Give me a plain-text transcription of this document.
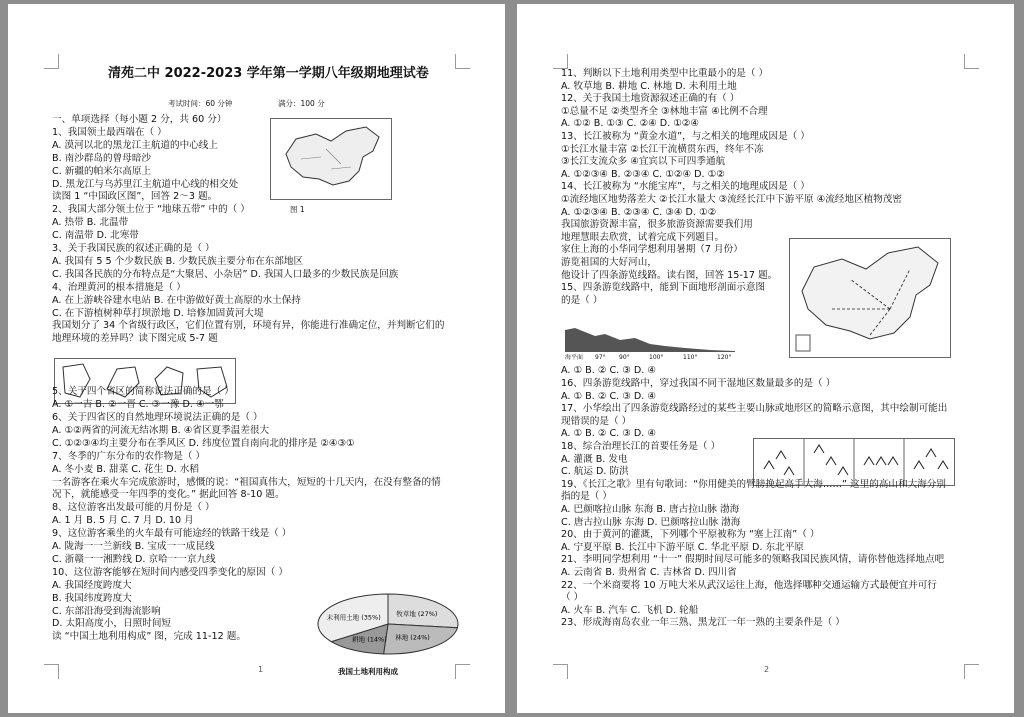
清苑二中 2022-2023 学年第一学期八年级期地理试卷
考试时间：60 分钟	满分：100 分
图 1
牧草地 (27%)
林地 (24%)
耕地 (14%)
未利用土地 (35%)
我国土地利用构成
1
一、单项选择（每小题 2 分，共 60 分）
1、我国领土最西端在（ ）
A. 漠河以北的黑龙江主航道的中心线上
B. 南沙群岛的曾母暗沙
C. 新疆的帕米尔高原上
D. 黑龙江与乌苏里江主航道中心线的相交处
读图 1 “中国政区图”，回答 2～3 题。
2、我国大部分领土位于 “地球五带” 中的（ ）
A. 热带 B. 北温带
C. 南温带 D. 北寒带
3、关于我国民族的叙述正确的是（ ）
A. 我国有 5 5 个少数民族 B. 少数民族主要分布在东部地区
C. 我国各民族的分布特点是“大聚居、小杂居” D. 我国人口最多的少数民族是回族
4、治理黄河的根本措施是（ ）
A. 在上游峡谷建水电站 B. 在中游做好黄土高原的水土保持
C. 在下游植树种草打坝淤地 D. 培修加固黄河大堤
我国划分了 34 个省级行政区，它们位置有别，环境有异，你能进行准确定位，并判断它们的
地理环境的差异吗？读下图完成 5-7 题
5、关于四个省区的简称说法正确的是（ ）
A. ①一吉 B. ②一晋 C. ③一豫 D. ④一鄂
6、关于四省区的自然地理环境说法正确的是（ ）
A. ①②两省的河流无结冰期 B. ④省区夏季温差很大
C. ①②③④均主要分布在季风区 D. 纬度位置自南向北的排序是 ②④③①
7、冬季的广东分布的农作物是（ ）
A. 冬小麦 B. 甜菜 C. 花生 D. 水稻
一名游客在乘火车完成旅游时，感慨的说：“祖国真伟大，短短的十几天内，在没有整备的情
况下，就能感受一年四季的变化。” 据此回答 8-10 题。
8、这位游客出发最可能的月份是（ ）
A. 1 月 B. 5 月 C. 7 月 D. 10 月
9、这位游客乘坐的火车最有可能途经的铁路干线是（ ）
A. 陇海一一兰新线 B. 宝成一一成昆线
C. 浙赣一一湘黔线 D. 京哈一一京九线
10、这位游客能够在短时间内感受四季变化的原因（ ）
A. 我国经度跨度大
B. 我国纬度跨度大
C. 东部沿海受到海流影响
D. 太阳高度小，日照时间短
读 “中国土地利用构成” 图，完成 11-12 题。
海平面 97° 90°	100°	110°	120°
2
11、判断以下土地利用类型中比重最小的是（ ）
A. 牧草地 B. 耕地 C. 林地 D. 未利用土地
12、关于我国土地资源叙述正确的有（ ）
①总量不足 ②类型齐全 ③林地丰富 ④比例不合理
A. ①② B. ①③ C. ②④ D. ①②④
13、长江被称为 “黄金水道”，与之相关的地理成因是（ ）
①长江水量丰富 ②长江干流横贯东西，终年不冻
③长江支流众多 ④宜宾以下可四季通航
A. ①②③④ B. ②③④ C. ①②④ D. ①②
14、长江被称为 “水能宝库”，与之相关的地理成因是（ ）
①流经地区地势落差大 ②长江水量大 ③流经长江中下游平原 ④流经地区植物茂密
A. ①②③④ B. ②③④ C. ③④ D. ①②
我国旅游资源丰富，很多旅游资源需要我们用
地理慧眼去欣赏，试着完成下列题目。
家住上海的小华同学想利用暑期（7 月份）
游览祖国的大好河山，
他设计了四条游览线路。读右图，回答 15-17 题。
15、四条游览线路中，能到下面地形剖面示意图
的是（ ）
A. ① B. ② C. ③ D. ④
16、四条游览线路中，穿过我国不同干湿地区数量最多的是（ ）
A. ① B. ② C. ③ D. ④
17、小华绘出了四条游览线路经过的某些主要山脉或地形区的简略示意图，其中绘制可能出
现错误的是（ ）
A. ① B. ② C. ③ D. ④
18、综合治理长江的首要任务是（ ）
A. 灌溉 B. 发电
C. 航运 D. 防洪
19、《长江之歌》里有句歌词：“你用健美的臂膀挽起高手大海……” 这里的高山和大海分别
指的是（ ）
A. 巴颜喀拉山脉 东海 B. 唐古拉山脉 渤海
C. 唐古拉山脉 东海 D. 巴颜喀拉山脉 渤海
20、由于黄河的灌溉，下列哪个平原被称为 “塞上江南”（ ）
A. 宁夏平原 B. 长江中下游平原 C. 华北平原 D. 东北平原
21、李明同学想利用 “十一” 假期时间尽可能多的领略我国民族风情，请你替他选择地点吧
A. 云南省 B. 贵州省 C. 吉林省 D. 四川省
22、一个米商要将 10 万吨大米从武汉运往上海，他选择哪种交通运输方式最便宜并可行
（ ）
A. 火车 B. 汽车 C. 飞机 D. 轮船
23、形成海南岛农业一年三熟、黑龙江一年一熟的主要条件是（ ）
